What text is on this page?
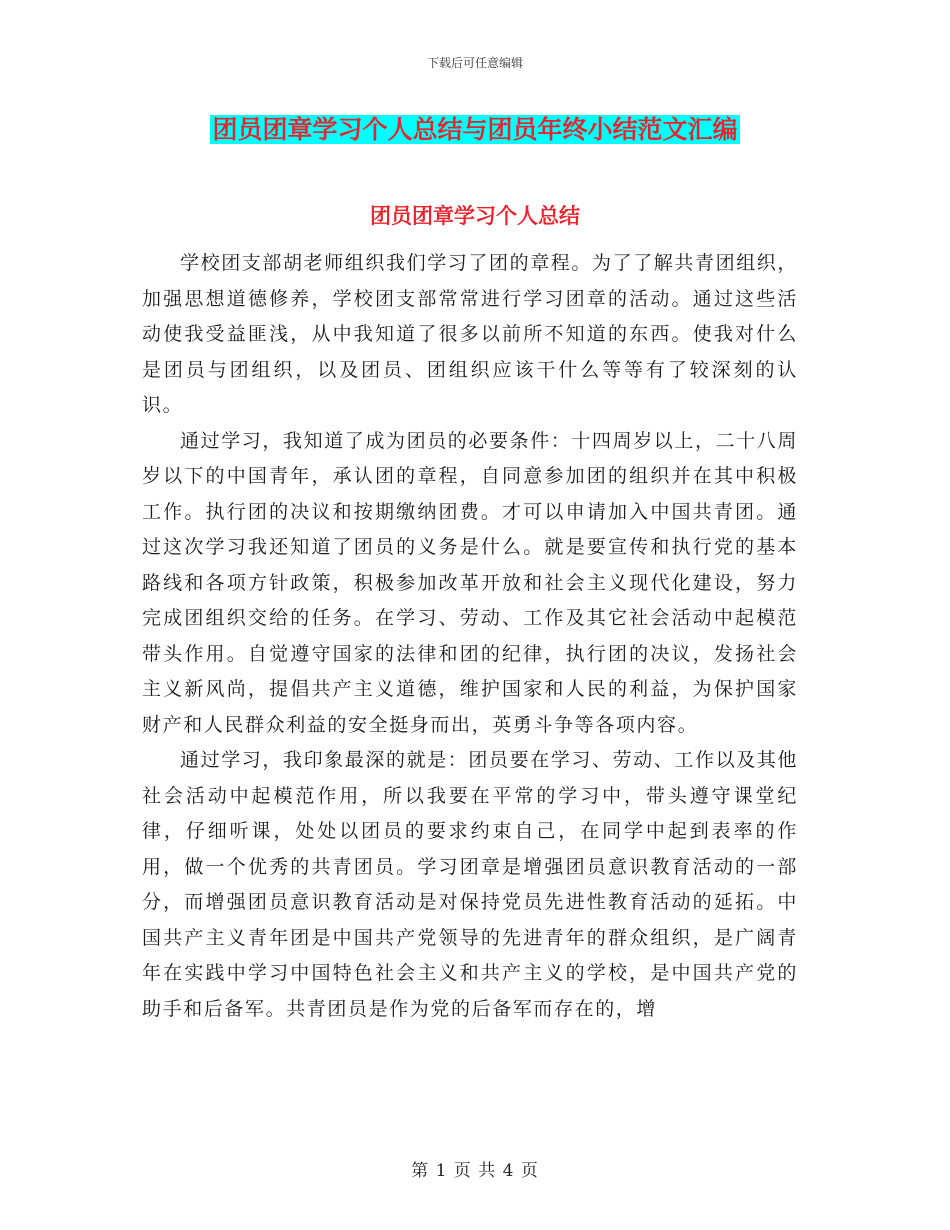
下载后可任意编辑
团员团章学习个人总结与团员年终小结范文汇编
团员团章学习个人总结

学校团支部胡老师组织我们学习了团的章程。为了了解共青团组织，加强思想道德修养，学校团支部常常进行学习团章的活动。通过这些活动使我受益匪浅，从中我知道了很多以前所不知道的东西。使我对什么是团员与团组织，以及团员、团组织应该干什么等等有了较深刻的认识。

通过学习，我知道了成为团员的必要条件：十四周岁以上，二十八周岁以下的中国青年，承认团的章程，自同意参加团的组织并在其中积极工作。执行团的决议和按期缴纳团费。才可以申请加入中国共青团。通过这次学习我还知道了团员的义务是什么。就是要宣传和执行党的基本路线和各项方针政策，积极参加改革开放和社会主义现代化建设，努力完成团组织交给的任务。在学习、劳动、工作及其它社会活动中起模范带头作用。自觉遵守国家的法律和团的纪律，执行团的决议，发扬社会主义新风尚，提倡共产主义道德，维护国家和人民的利益，为保护国家财产和人民群众利益的安全挺身而出，英勇斗争等各项内容。

通过学习，我印象最深的就是：团员要在学习、劳动、工作以及其他社会活动中起模范作用，所以我要在平常的学习中，带头遵守课堂纪律，仔细听课，处处以团员的要求约束自己，在同学中起到表率的作用，做一个优秀的共青团员。学习团章是增强团员意识教育活动的一部分，而增强团员意识教育活动是对保持党员先进性教育活动的延拓。中国共产主义青年团是中国共产党领导的先进青年的群众组织，是广阔青年在实践中学习中国特色社会主义和共产主义的学校，是中国共产党的助手和后备军。共青团员是作为党的后备军而存在的，增

第 1 页 共 4 页
